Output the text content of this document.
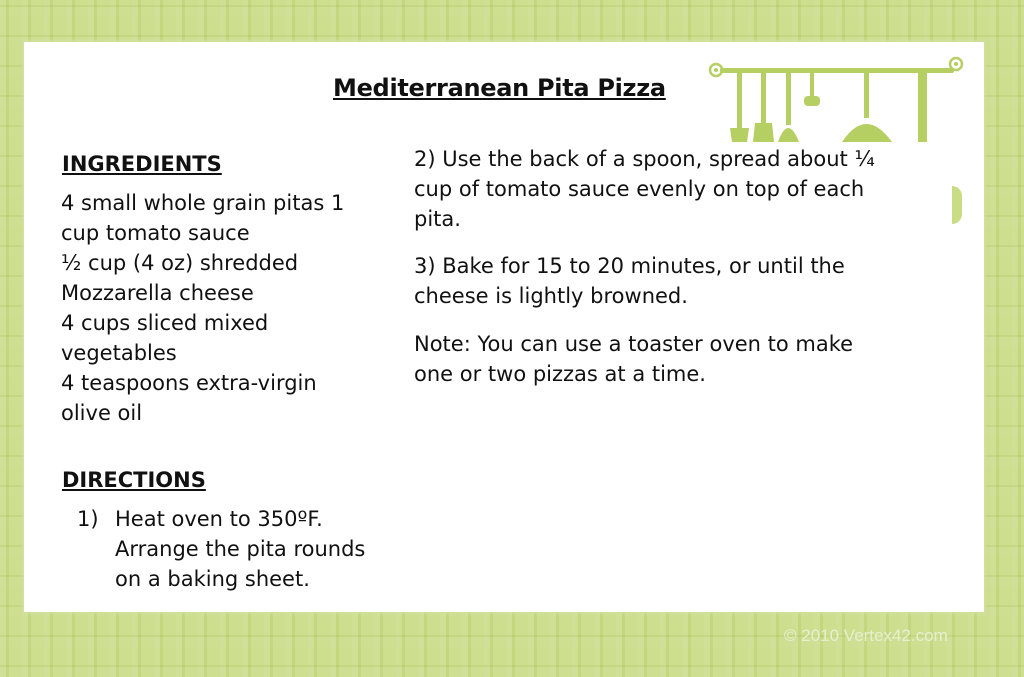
Mediterranean Pita Pizza
INGREDIENTS
4 small whole grain pitas 1
cup tomato sauce
½ cup (4 oz) shredded
Mozzarella cheese
4 cups sliced mixed
vegetables
4 teaspoons extra-virgin
olive oil
DIRECTIONS
1) Heat oven to 350ºF.
Arrange the pita rounds
on a baking sheet.
2) Use the back of a spoon, spread about ¼
cup of tomato sauce evenly on top of each
pita.
3) Bake for 15 to 20 minutes, or until the
cheese is lightly browned.
Note: You can use a toaster oven to make
one or two pizzas at a time.
© 2010 Vertex42.com
